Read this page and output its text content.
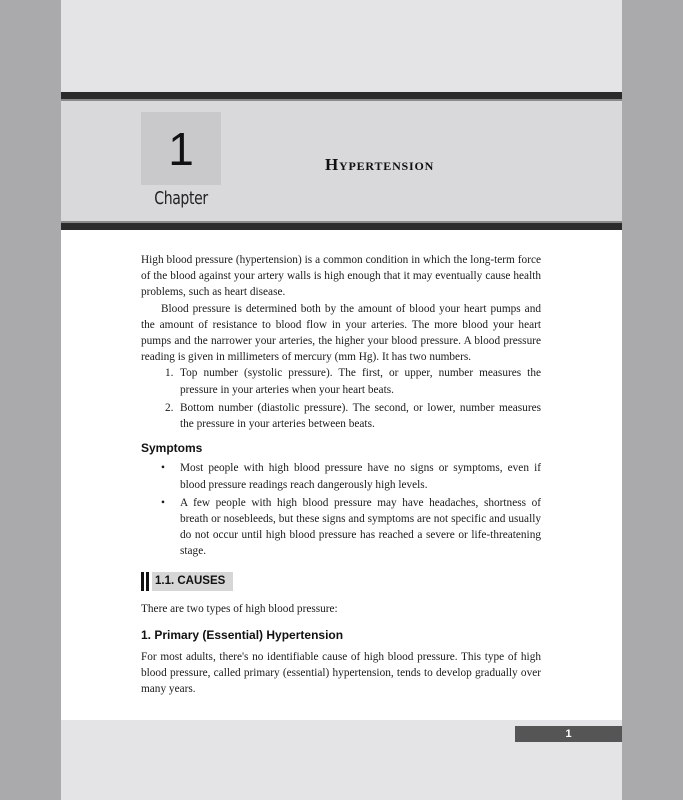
1
Chapter
Hypertension

High blood pressure (hypertension) is a common condition in which the long-term force of the blood against your artery walls is high enough that it may eventually cause health problems, such as heart disease.

Blood pressure is determined both by the amount of blood your heart pumps and the amount of resistance to blood flow in your arteries. The more blood your heart pumps and the narrower your arteries, the higher your blood pressure. A blood pressure reading is given in millimeters of mercury (mm Hg). It has two numbers.

1. Top number (systolic pressure). The first, or upper, number measures the pressure in your arteries when your heart beats.
2. Bottom number (diastolic pressure). The second, or lower, number measures the pressure in your arteries between beats.
Symptoms
• Most people with high blood pressure have no signs or symptoms, even if blood pressure readings reach dangerously high levels.
• A few people with high blood pressure may have headaches, shortness of breath or nosebleeds, but these signs and symptoms are not specific and usually do not occur until high blood pressure has reached a severe or life-threatening stage.
1.1. CAUSES

There are two types of high blood pressure:

1. Primary (Essential) Hypertension

For most adults, there's no identifiable cause of high blood pressure. This type of high blood pressure, called primary (essential) hypertension, tends to develop gradually over many years.

1
